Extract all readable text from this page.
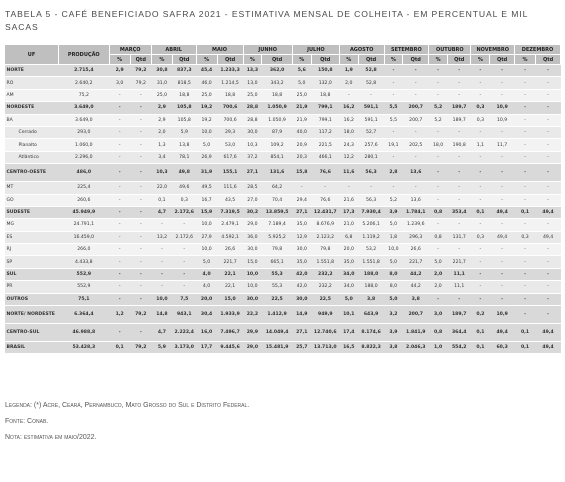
TABELA 5 - CAFÉ BENEFICIADO SAFRA 2021 - ESTIMATIVA MENSAL DE COLHEITA - EM PERCENTUAL E MIL SACAS
UF	PRODUÇÃO	MARÇO		ABRIL		MAIO		JUNHO		JULHO		AGOSTO		SETEMBRO		OUTUBRO		NOVEMBRO		DEZEMBRO	
		%	Qtd	%	Qtd	%	Qtd	%	Qtd	%	Qtd	%	Qtd	%	Qtd	%	Qtd	%	Qtd	%	Qtd
NORTE	2.715,4	2,9	79,2	30,8	837,3	45,4	1.233,3	13,3	362,0	5,6	150,8	1,9	52,8	-	-	-	-	-	-	-	-
RO	2.640,2	3,0	79,2	31,0	818,5	46,0	1.214,5	13,0	343,2	5,0	132,0	2,0	52,8	-	-	-	-	-	-	-	-
AM	75,2	-	-	25,0	18,8	25,0	18,8	25,0	18,8	25,0	18,8	-	-	-	-	-	-	-	-	-	-
NORDESTE	3.649,0	-	-	2,9	105,8	19,2	700,6	28,8	1.050,9	21,9	799,1	16,2	591,1	5,5	200,7	5,2	189,7	0,3	10,9	-	-
BA	3.649,0	-	-	2,9	105,8	19,2	700,6	28,8	1.050,9	21,9	799,1	16,2	591,1	5,5	200,7	5,2	189,7	0,3	10,9	-	-
Cerrado	293,0	-	-	2,0	5,9	10,0	29,3	30,0	87,9	40,0	117,2	18,0	52,7	-	-	-	-	-	-	-	-
Planalto	1.060,0	-	-	1,3	13,8	5,0	53,0	10,3	109,2	20,9	221,5	24,3	257,6	19,1	202,5	18,0	190,8	1,1	11,7	-	-
Atlântico	2.296,0	-	-	3,4	78,1	26,9	617,6	37,2	854,1	20,3	466,1	12,2	280,1	-	-	-	-	-	-	-	-
CENTRO-OESTE	486,0	-	-	10,3	49,8	31,9	155,1	27,1	131,6	15,8	76,6	11,6	56,3	2,8	13,6	-	-	-	-	-	-
MT	225,4	-	-	22,0	49,6	49,5	111,6	28,5	64,2	-	-	-	-	-	-	-	-	-	-	-	-
GO	260,6	-	-	0,1	0,3	16,7	43,5	27,0	70,4	29,4	76,6	21,6	56,3	5,2	13,6	-	-	-	-	-	-
SUDESTE	45.949,9	-	-	4,7	2.172,6	15,9	7.319,5	30,2	13.859,5	27,1	12.431,7	17,3	7.930,4	3,9	1.784,1	0,8	353,4	0,1	49,4	0,1	49,4
MG	24.791,1	-	-	-	-	10,0	2.479,1	29,0	7.189,4	35,0	8.676,9	21,0	5.206,1	5,0	1.239,6	-	-	-	-	-	-
ES	16.459,0	-	-	13,2	2.172,6	27,9	4.592,1	36,0	5.925,2	12,9	2.123,2	6,8	1.119,2	1,8	296,3	0,8	131,7	0,3	49,4	0,3	49,4
RJ	266,0	-	-	-	-	10,0	26,6	30,0	79,8	30,0	79,8	20,0	53,2	10,0	26,6	-	-	-	-	-	-
SP	4.433,8	-	-	-	-	5,0	221,7	15,0	665,1	35,0	1.551,8	35,0	1.551,8	5,0	221,7	5,0	221,7	-	-	-	-
SUL	552,9	-	-	-	-	4,0	22,1	10,0	55,3	42,0	232,2	34,0	188,0	8,0	44,2	2,0	11,1	-	-	-	-
PR	552,9	-	-	-	-	4,0	22,1	10,0	55,3	42,0	232,2	34,0	188,0	8,0	44,2	2,0	11,1	-	-	-	-
OUTROS	75,1	-	-	10,0	7,5	20,0	15,0	30,0	22,5	30,0	22,5	5,0	3,8	5,0	3,8	-	-	-	-	-	-
NORTE/ NORDESTE	6.364,4	1,2	79,2	14,8	943,1	30,4	1.933,9	22,2	1.412,9	14,9	949,9	10,1	643,9	3,2	200,7	3,0	189,7	0,2	10,9	-	-
CENTRO-SUL	46.988,8	-	-	4,7	2.222,4	16,0	7.496,7	29,9	14.049,4	27,1	12.740,6	17,4	8.174,6	3,9	1.841,9	0,8	364,4	0,1	49,4	0,1	49,4
BRASIL	53.428,3	0,1	79,2	5,9	3.173,0	17,7	9.445,6	29,0	15.481,9	25,7	13.713,0	16,5	8.822,3	3,8	2.046,3	1,0	554,2	0,1	60,3	0,1	49,4
Legenda: (*) Acre, Ceará, Pernambuco, Mato Grosso do Sul e Distrito Federal.
Fonte: Conab.
Nota: estimativa em maio/2022.
